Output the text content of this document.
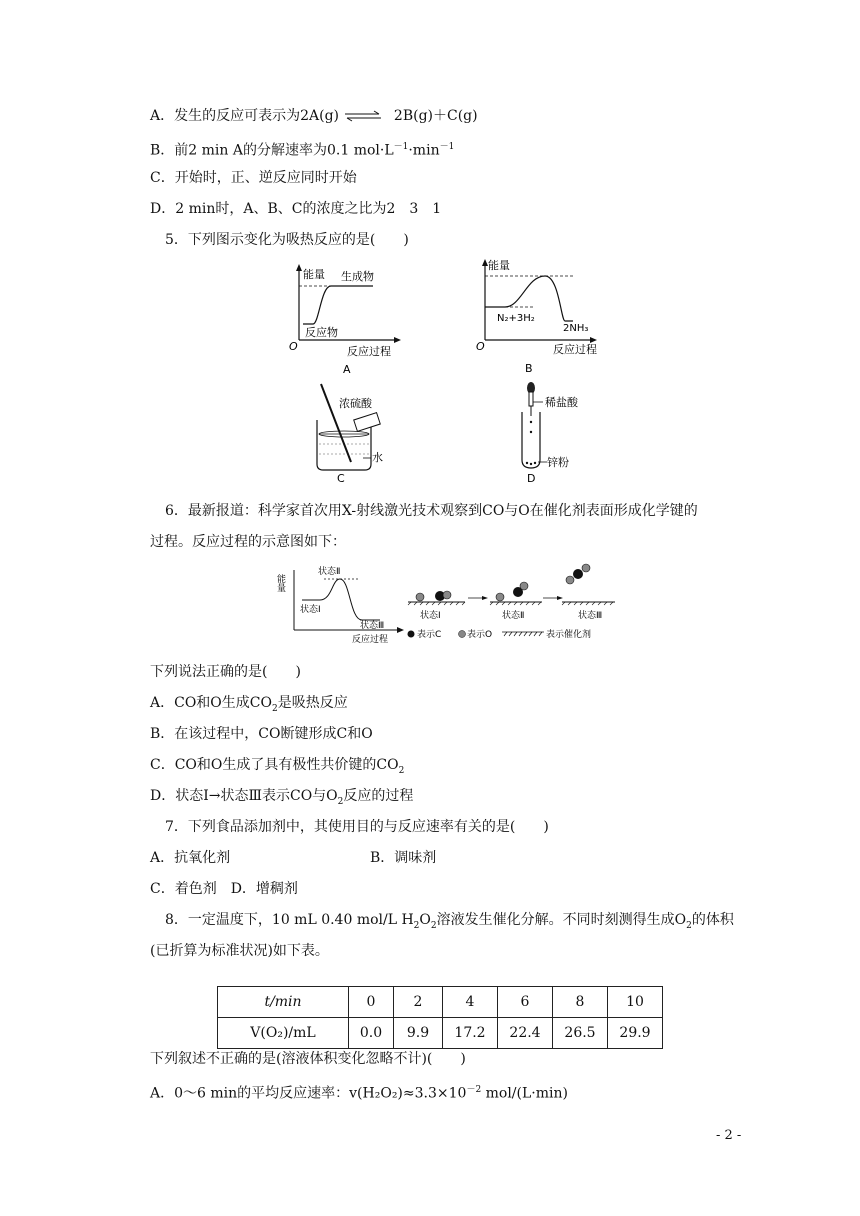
A．发生的反应可表示为2A(g) ⇌ 2B(g)＋C(g)
B．前2 min A的分解速率为0.1 $mol\cdot L^{-1}\cdot\min^{-1}$
C．开始时，正、逆反应同时开始
D．2 min时，A、B、C的浓度之比为2　3　1
5．下列图示变化为吸热反应的是(　　)
能量 生成物
反应物
O	反应过程
A
能量
N₂+3H₂
2NH₃
O	反应过程
B
浓硫酸
水
C
稀盐酸
锌粉
D
6．最新报道：科学家首次用X-射线激光技术观察到CO与O在催化剂表面形成化学键的
过程。反应过程的示意图如下：
能量
状态Ⅱ
状态Ⅰ
状态Ⅲ
反应过程
状态Ⅰ	状态Ⅱ	状态Ⅲ
表示C	表示O	表示催化剂
下列说法正确的是(　　)
A．CO和O生成$CO_2$是吸热反应
B．在该过程中，CO断键形成C和O
C．CO和O生成了具有极性共价键的$CO_2$
D．状态Ⅰ→状态Ⅲ表示CO与$O_2$反应的过程
7．下列食品添加剂中，其使用目的与反应速率有关的是(　　)
A．抗氧化剂	B．调味剂
C．着色剂　D．增稠剂
8．一定温度下，10 mL 0.40 mol/L $H_2O_2$溶液发生催化分解。不同时刻测得生成$O_2$的体积
(已折算为标准状况)如下表。
t/min	0	2	4	6	8	10
V(O₂)/mL	0.0	9.9	17.2	22.4	26.5	29.9
下列叙述不正确的是(溶液体积变化忽略不计)(　　)
A．0～6 min的平均反应速率：$v(H_2O_2)\approx 3.3\times 10^{-2}$ mol/(L·min)
- 2 -
